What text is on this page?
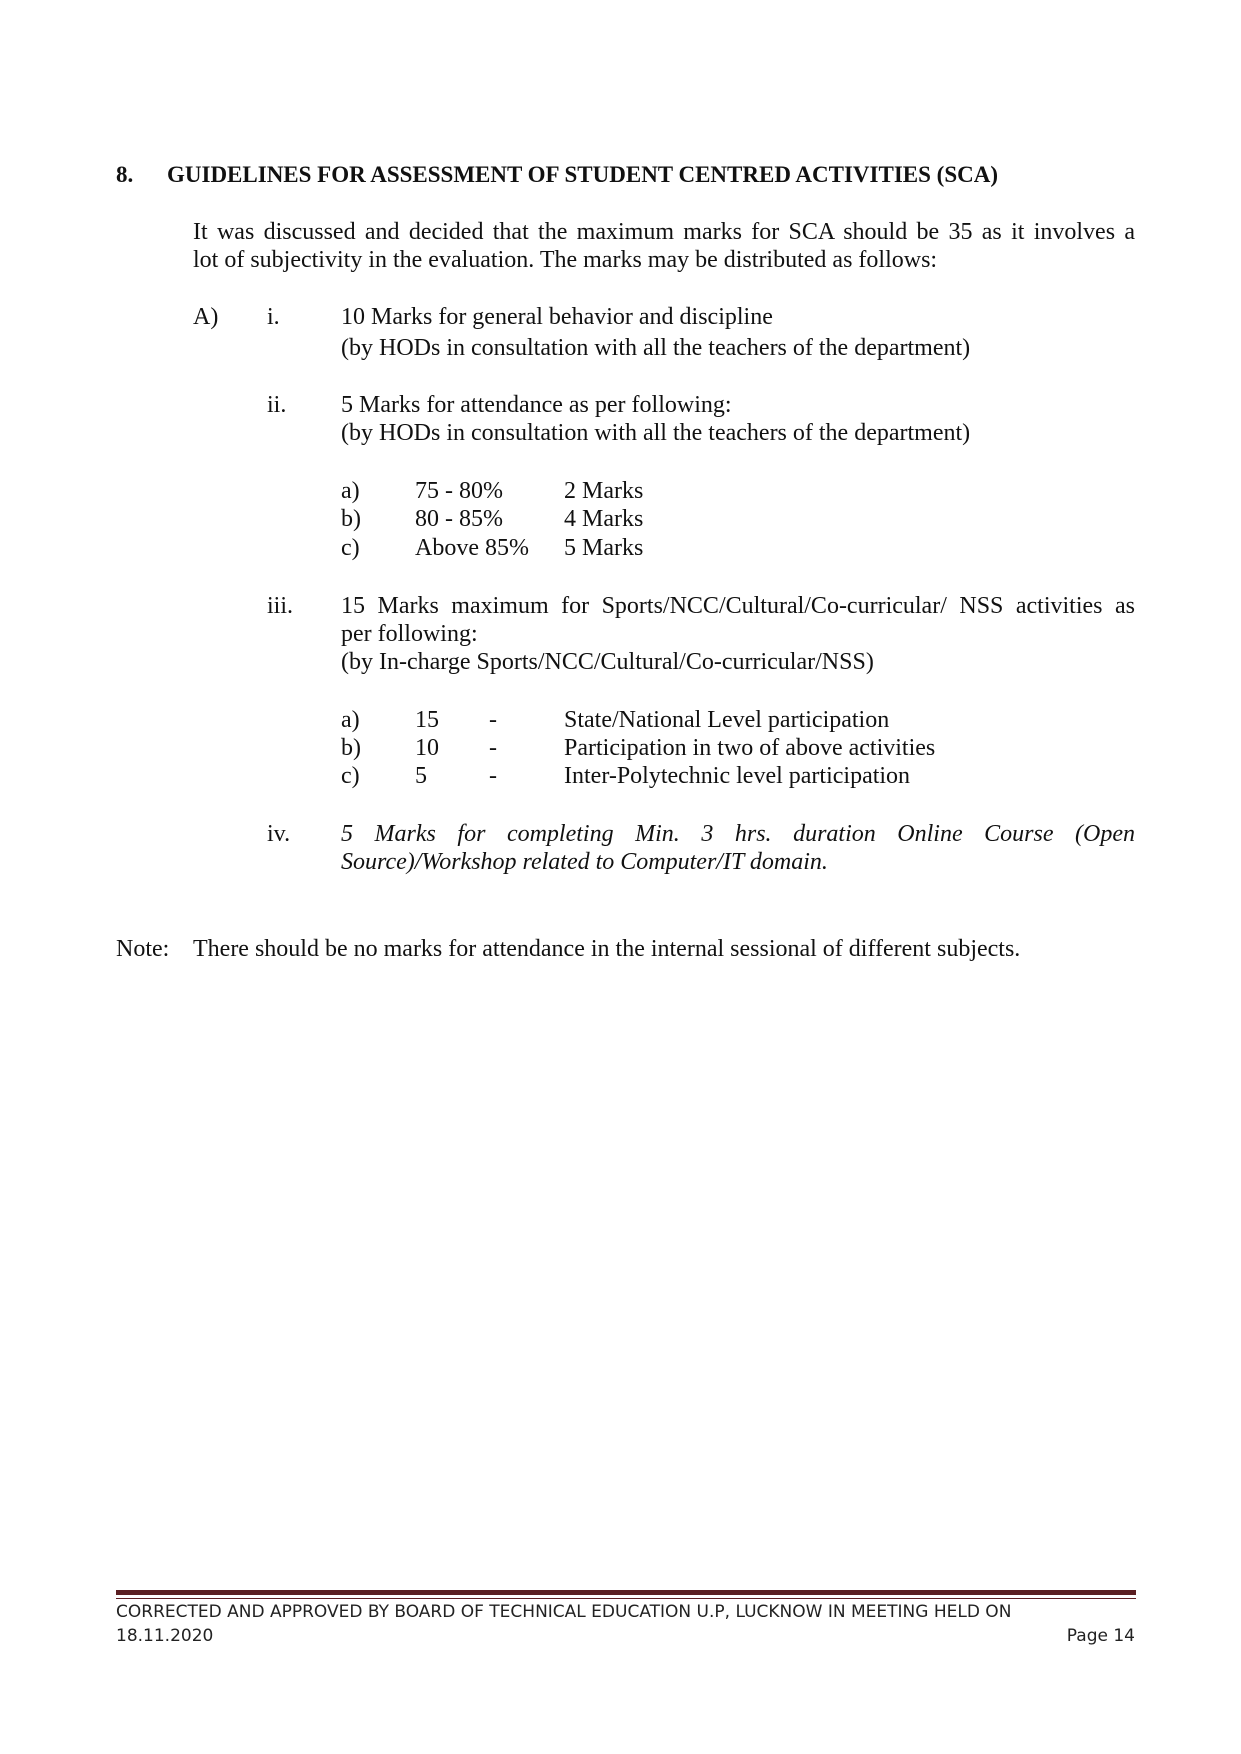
8. GUIDELINES FOR ASSESSMENT OF STUDENT CENTRED ACTIVITIES (SCA)
It was discussed and decided that the maximum marks for SCA should be 35 as it involves a
lot of subjectivity in the evaluation. The marks may be distributed as follows:
A) i.	10 Marks for general behavior and discipline
(by HODs in consultation with all the teachers of the department)
ii. 5 Marks for attendance as per following:
(by HODs in consultation with all the teachers of the department)
a) 75 - 80%	2 Marks
b) 80 - 85%	4 Marks
c) Above 85% 5 Marks
iii. 15 Marks maximum for Sports/NCC/Cultural/Co-curricular/ NSS activities as
per following:
(by In-charge Sports/NCC/Cultural/Co-curricular/NSS)
a) 15 -	State/National Level participation
b) 10 -	Participation in two of above activities
c) 5	-	Inter-Polytechnic level participation
iv. 5 Marks for completing Min. 3 hrs. duration Online Course (Open
Source)/Workshop related to Computer/IT domain.
Note: There should be no marks for attendance in the internal sessional of different subjects.
CORRECTED AND APPROVED BY BOARD OF TECHNICAL EDUCATION U.P, LUCKNOW IN MEETING HELD ON
18.11.2020	Page 14
